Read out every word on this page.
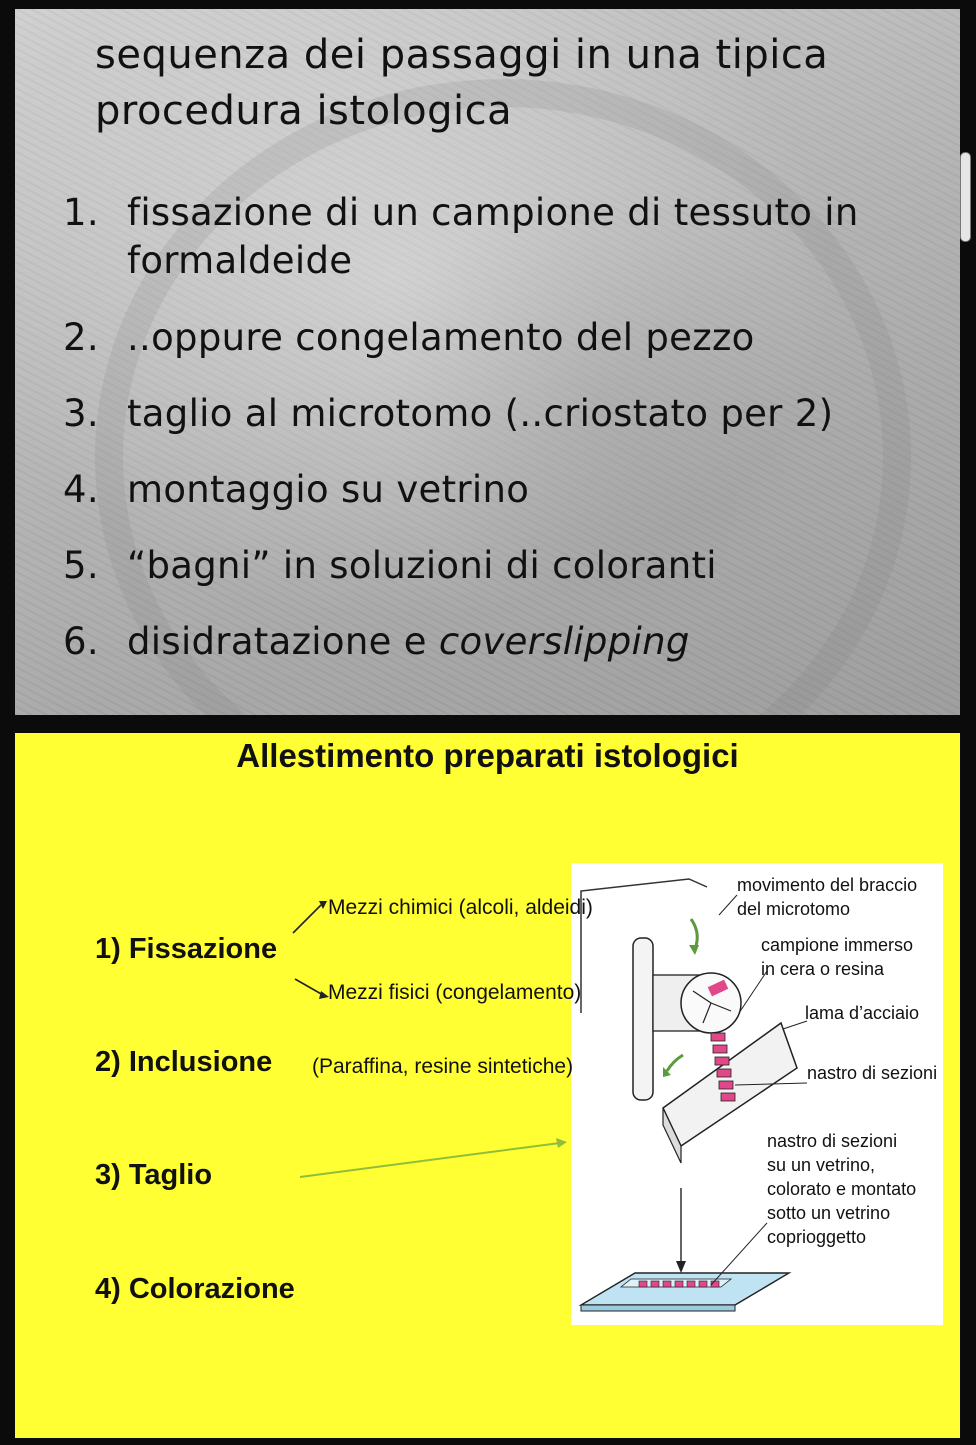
sequenza dei passaggi in una tipica
procedura istologica
1. fissazione di un campione di tessuto in
formaldeide
2. ..oppure congelamento del pezzo
3. taglio al microtomo (..criostato per 2)
4. montaggio su vetrino
5. “bagni” in soluzioni di coloranti
6. disidratazione e coverslipping
Allestimento preparati istologici
1) Fissazione
2) Inclusione
3) Taglio
4) Colorazione
movimento del braccio
del microtomo
campione immerso
in cera o resina
lama d’acciaio
nastro di sezioni
nastro di sezioni
su un vetrino,
colorato e montato
sotto un vetrino
coprioggetto
Mezzi chimici (alcoli, aldeidi)
Mezzi fisici (congelamento)
(Paraffina, resine sintetiche)
